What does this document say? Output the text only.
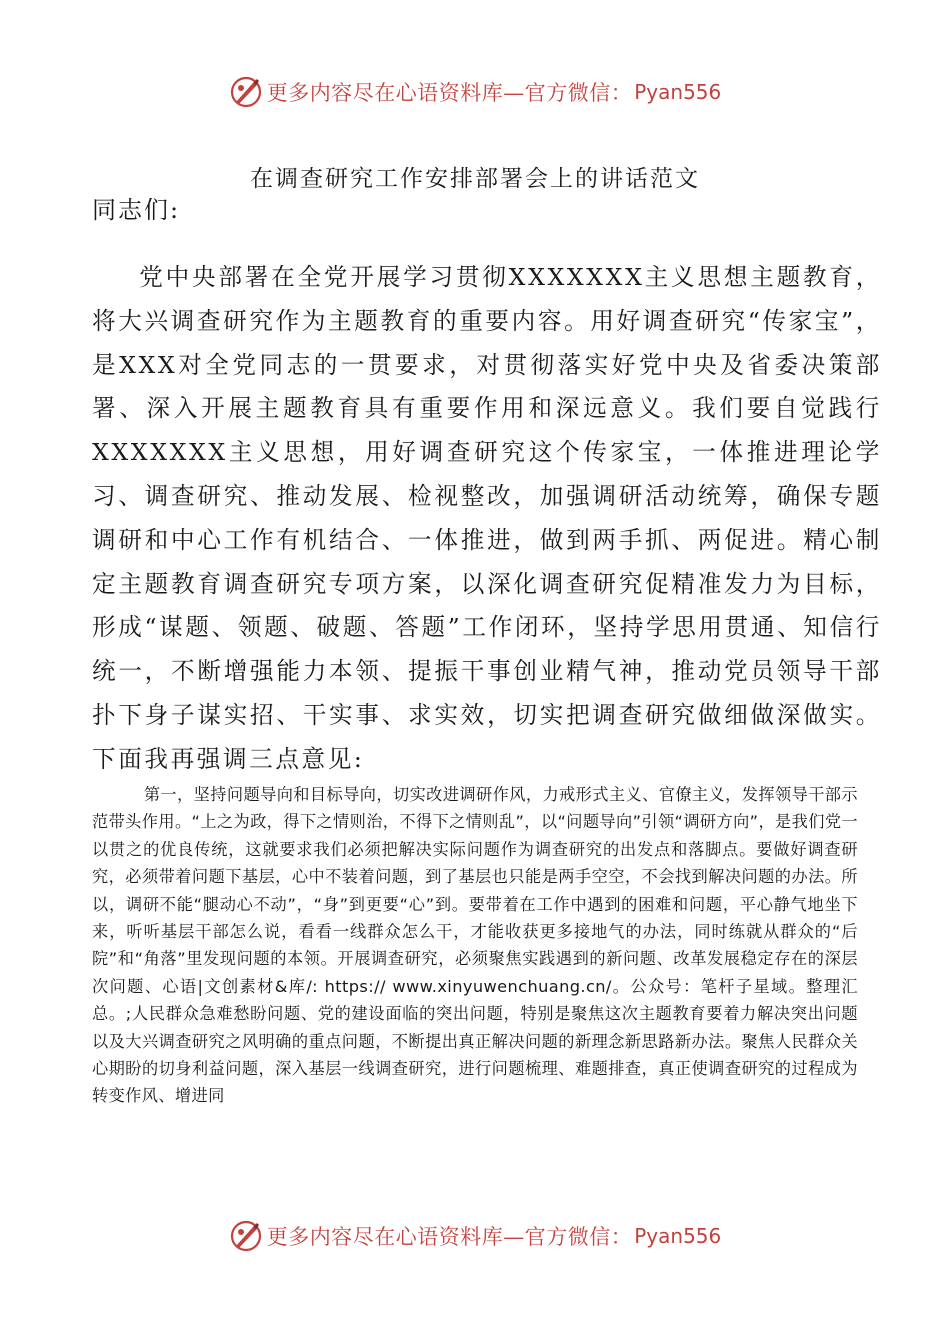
更多内容尽在心语资料库—官方微信： Pyan556
在调查研究工作安排部署会上的讲话范文
同志们:

党中央部署在全党开展学习贯彻XXXXXXX主义思想主题教育，将大兴调查研究作为主题教育的重要内容。用好调查研究“传家宝”，是XXX对全党同志的一贯要求，对贯彻落实好党中央及省委决策部署、深入开展主题教育具有重要作用和深远意义。我们要自觉践行XXXXXXX主义思想，用好调查研究这个传家宝，一体推进理论学习、调查研究、推动发展、检视整改，加强调研活动统筹，确保专题调研和中心工作有机结合、一体推进，做到两手抓、两促进。精心制定主题教育调查研究专项方案，以深化调查研究促精准发力为目标，形成“谋题、领题、破题、答题”工作闭环，坚持学思用贯通、知信行统一，不断增强能力本领、提振干事创业精气神，推动党员领导干部扑下身子谋实招、干实事、求实效，切实把调查研究做细做深做实。下面我再强调三点意见:

第一，坚持问题导向和目标导向，切实改进调研作风，力戒形式主义、官僚主义，发挥领导干部示范带头作用。“上之为政，得下之情则治，不得下之情则乱”，以“问题导向”引领“调研方向”，是我们党一以贯之的优良传统，这就要求我们必须把解决实际问题作为调查研究的出发点和落脚点。要做好调查研究，必须带着问题下基层，心中不装着问题，到了基层也只能是两手空空，不会找到解决问题的办法。所以，调研不能“腿动心不动”，“身”到更要“心”到。要带着在工作中遇到的困难和问题，平心静气地坐下来，听听基层干部怎么说，看看一线群众怎么干，才能收获更多接地气的办法，同时练就从群众的“后院”和“角落”里发现问题的本领。开展调查研究，必须聚焦实践遇到的新问题、改革发展稳定存在的深层次问题、心语|文创素材&库/: https:// www.xinyuwenchuang.cn/。公众号：笔杆子星域。整理汇总。;人民群众急难愁盼问题、党的建设面临的突出问题，特别是聚焦这次主题教育要着力解决突出问题以及大兴调查研究之风明确的重点问题，不断提出真正解决问题的新理念新思路新办法。聚焦人民群众关心期盼的切身利益问题，深入基层一线调查研究，进行问题梳理、难题排查，真正使调查研究的过程成为转变作风、增进同

更多内容尽在心语资料库—官方微信： Pyan556
